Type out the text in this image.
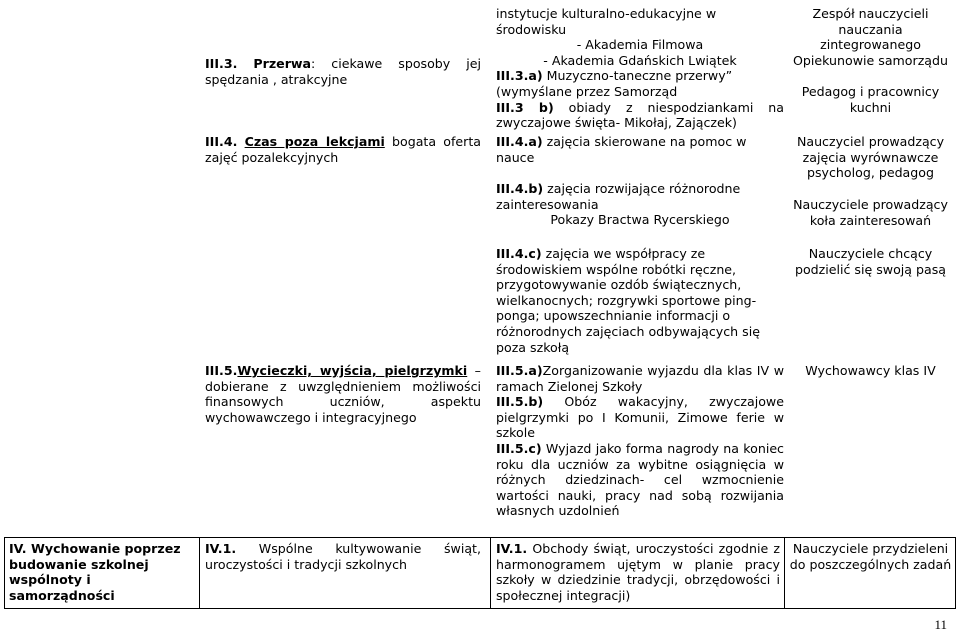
III.3. Przerwa: ciekawe sposoby jej spędzania , atrakcyjne

instytucje kulturalno-edukacyjne w środowisku

- Akademia Filmowa

- Akademia Gdańskich Lwiątek

III.3.a) Muzyczno-taneczne przerwy”

(wymyślane przez Samorząd

III.3 b) obiady z niespodziankami na zwyczajowe święta- Mikołaj, Zajączek)

Zespół nauczycieli nauczania zintegrowanego

Opiekunowie samorządu

Pedagog i pracownicy kuchni

III.4. Czas poza lekcjami bogata oferta zajęć pozalekcyjnych
III.4.a) zajęcia skierowane na pomoc w nauce
Nauczyciel prowadzący zajęcia wyrównawcze psycholog, pedagog

III.4.b) zajęcia rozwijające różnorodne zainteresowania

Pokazy Bractwa Rycerskiego

Nauczyciele prowadzący koła zainteresowań
III.4.c) zajęcia we współpracy ze środowiskiem wspólne robótki ręczne, przygotowywanie ozdób świątecznych, wielkanocnych; rozgrywki sportowe ping-ponga; upowszechnianie informacji o różnorodnych zajęciach odbywających się poza szkołą
Nauczyciele chcący podzielić się swoją pasą
III.5.Wycieczki, wyjścia, pielgrzymki – dobierane z uwzględnieniem możliwości finansowych uczniów, aspektu wychowawczego i integracyjnego

III.5.a)Zorganizowanie wyjazdu dla klas IV w ramach Zielonej Szkoły

III.5.b) Obóz wakacyjny, zwyczajowe pielgrzymki po I Komunii, Zimowe ferie w szkole

III.5.c) Wyjazd jako forma nagrody na koniec roku dla uczniów za wybitne osiągnięcia w różnych dziedzinach- cel wzmocnienie wartości nauki, pracy nad sobą rozwijania własnych uzdolnień

Wychowawcy klas IV
IV. Wychowanie poprzez budowanie szkolnej wspólnoty i samorządności
IV.1. Wspólne kultywowanie świąt, uroczystości i tradycji szkolnych
IV.1. Obchody świąt, uroczystości zgodnie z harmonogramem ujętym w planie pracy szkoły w dziedzinie tradycji, obrzędowości i społecznej integracji)
Nauczyciele przydzieleni do poszczególnych zadań
11
